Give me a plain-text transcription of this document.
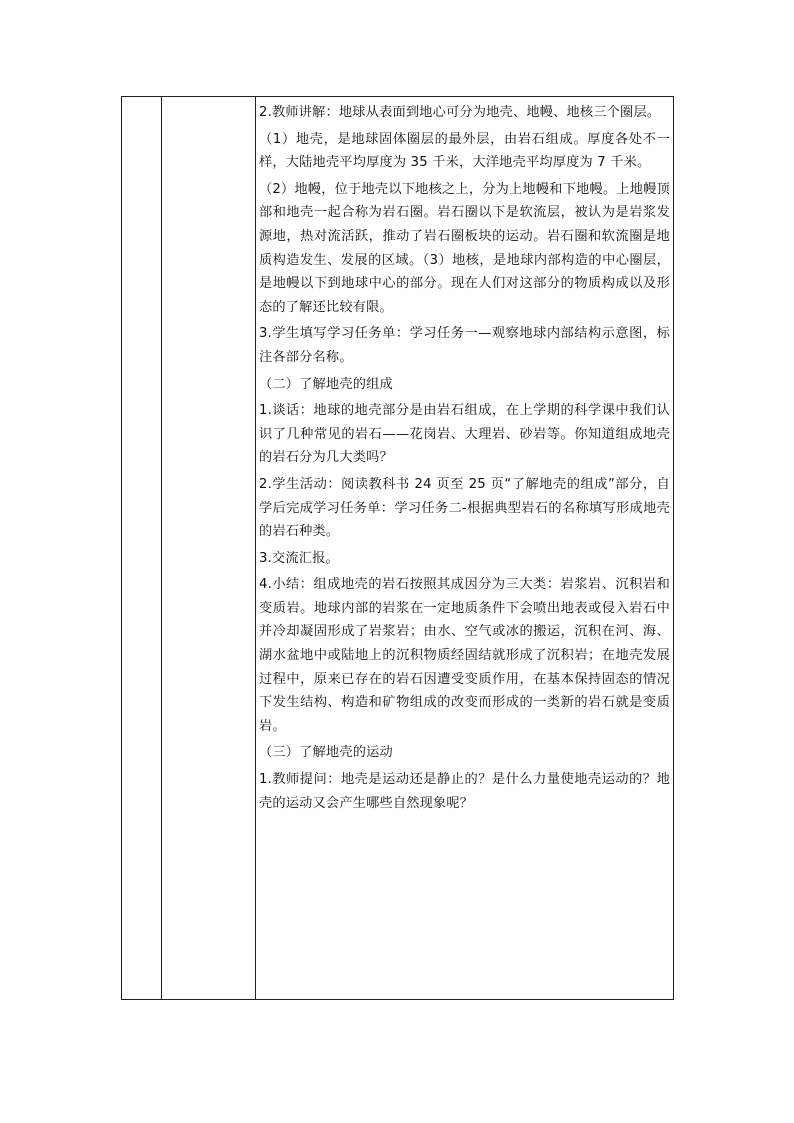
2.教师讲解：地球从表面到地心可分为地壳、地幔、地核三个圈层。

（1）地壳，是地球固体圈层的最外层，由岩石组成。厚度各处不一样，大陆地壳平均厚度为 35 千米，大洋地壳平均厚度为 7 千米。

（2）地幔，位于地壳以下地核之上，分为上地幔和下地幔。上地幔顶部和地壳一起合称为岩石圈。岩石圈以下是软流层，被认为是岩浆发源地，热对流活跃，推动了岩石圈板块的运动。岩石圈和软流圈是地质构造发生、发展的区域。（3）地核，是地球内部构造的中心圈层，是地幔以下到地球中心的部分。现在人们对这部分的物质构成以及形态的了解还比较有限。

3.学生填写学习任务单：学习任务一—观察地球内部结构示意图，标注各部分名称。

（二）了解地壳的组成

1.谈话：地球的地壳部分是由岩石组成，在上学期的科学课中我们认识了几种常见的岩石——花岗岩、大理岩、砂岩等。你知道组成地壳的岩石分为几大类吗？

2.学生活动：阅读教科书 24 页至 25 页“了解地壳的组成”部分，自学后完成学习任务单：学习任务二-根据典型岩石的名称填写形成地壳的岩石种类。

3.交流汇报。

4.小结：组成地壳的岩石按照其成因分为三大类：岩浆岩、沉积岩和变质岩。地球内部的岩浆在一定地质条件下会喷出地表或侵入岩石中并冷却凝固形成了岩浆岩；由水、空气或冰的搬运，沉积在河、海、湖水盆地中或陆地上的沉积物质经固结就形成了沉积岩；在地壳发展过程中，原来已存在的岩石因遭受变质作用，在基本保持固态的情况下发生结构、构造和矿物组成的改变而形成的一类新的岩石就是变质岩。

（三）了解地壳的运动

1.教师提问：地壳是运动还是静止的？是什么力量使地壳运动的？地壳的运动又会产生哪些自然现象呢？
